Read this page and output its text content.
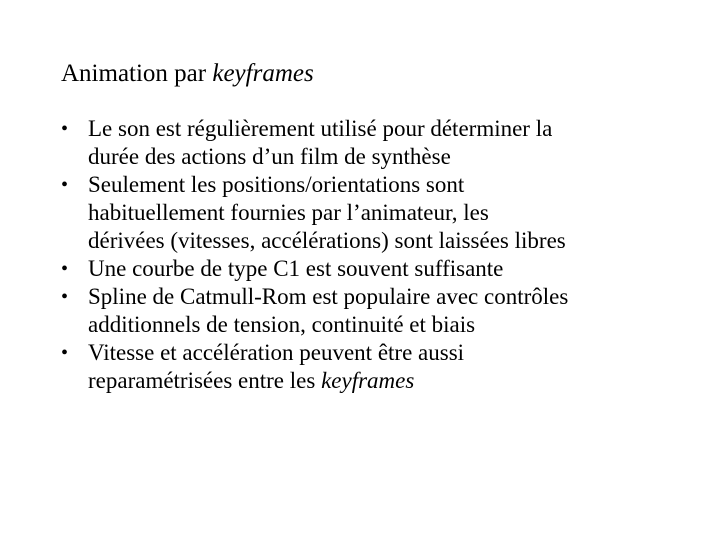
Animation par keyframes
• Le son est régulièrement utilisé pour déterminer la
durée des actions d’un film de synthèse
• Seulement les positions/orientations sont
habituellement fournies par l’animateur, les
dérivées (vitesses, accélérations) sont laissées libres
• Une courbe de type C1 est souvent suffisante
• Spline de Catmull-Rom est populaire avec contrôles
additionnels de tension, continuité et biais
• Vitesse et accélération peuvent être aussi
reparamétrisées entre les keyframes
